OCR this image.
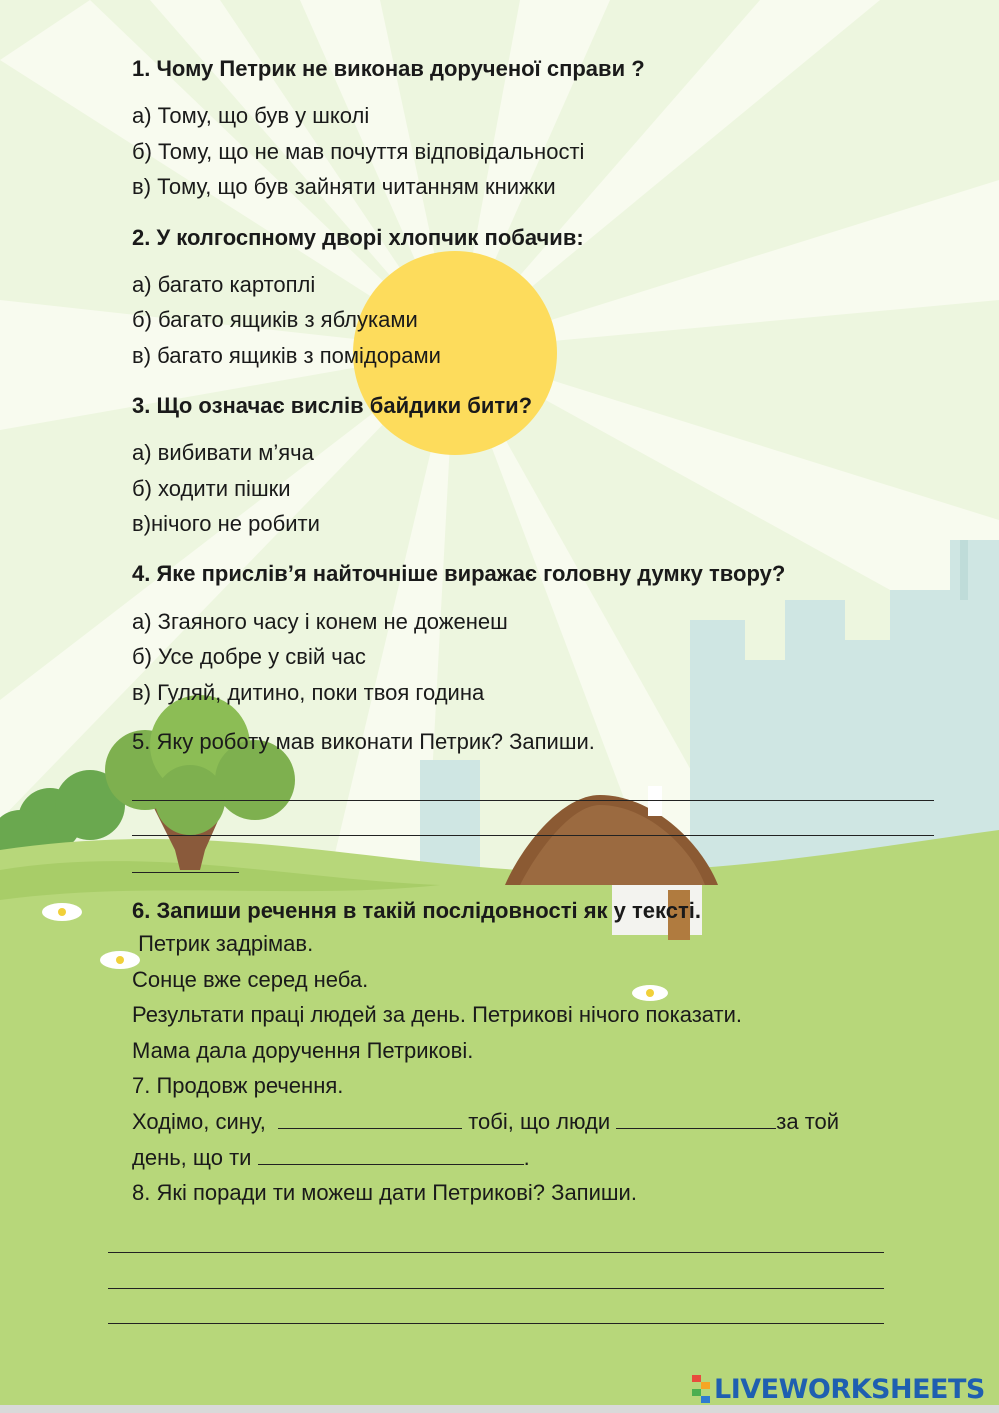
1. Чому Петрик не виконав дорученої справи ?
а) Тому, що був у школі
б) Тому, що не мав почуття відповідальності
в) Тому, що був зайняти читанням книжки
2. У колгоспному дворі хлопчик побачив:
а) багато картоплі
б) багато ящиків з яблуками
в) багато ящиків з помідорами
3. Що означає вислів байдики бити?
а) вибивати м’яча
б) ходити пішки
в)нічого не робити
4. Яке прислів’я найточніше виражає головну думку твору?
а) Згаяного часу і конем не доженеш
б) Усе добре у свій час
в) Гуляй, дитино, поки твоя година
5. Яку роботу мав виконати Петрик? Запиши.
6. Запиши речення в такій послідовності як у тексті.
Петрик задрімав.
Сонце вже серед неба.
Результати праці людей за день. Петрикові нічого показати.
Мама дала доручення Петрикові.
7. Продовж речення.
Ходімо, сину,	тобі, що люди	за той
день, що ти	.
8. Які поради ти можеш дати Петрикові? Запиши.
LIVEWORKSHEETS
